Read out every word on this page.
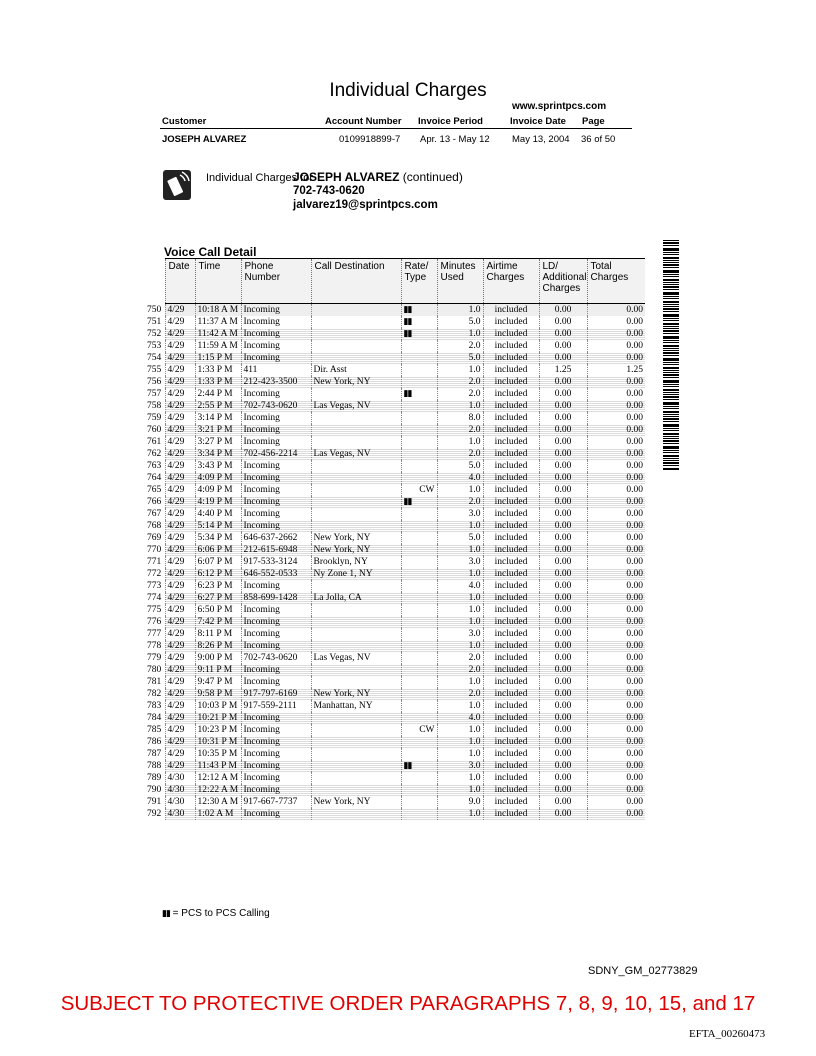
Individual Charges
www.sprintpcs.com
Customer	Account Number Invoice Period	Invoice Date Page
JOSEPH ALVAREZ	0109918899-7 Apr. 13 - May 12 May 13, 2004 36 of 50
Individual Charges for
JOSEPH ALVAREZ (continued)
702-743-0620
jalvarez19@sprintpcs.com
Voice Call Detail
	Date	Time	Phone Number	Call Destination	Rate/ Type	Minutes Used	Airtime Charges	LD/ Additional Charges	Total Charges
750	4/29	10:18 A M	Incoming		▮▮	1.0	included	0.00	0.00
751	4/29	11:37 A M	Incoming		▮▮	5.0	included	0.00	0.00
752	4/29	11:42 A M	Incoming		▮▮	1.0	included	0.00	0.00
753	4/29	11:59 A M	Incoming			2.0	included	0.00	0.00
754	4/29	1:15 P M	Incoming			5.0	included	0.00	0.00
755	4/29	1:33 P M	411	Dir. Asst		1.0	included	1.25	1.25
756	4/29	1:33 P M	212-423-3500	New York, NY		2.0	included	0.00	0.00
757	4/29	2:44 P M	Incoming		▮▮	2.0	included	0.00	0.00
758	4/29	2:55 P M	702-743-0620	Las Vegas, NV		1.0	included	0.00	0.00
759	4/29	3:14 P M	Incoming			8.0	included	0.00	0.00
760	4/29	3:21 P M	Incoming			2.0	included	0.00	0.00
761	4/29	3:27 P M	Incoming			1.0	included	0.00	0.00
762	4/29	3:34 P M	702-456-2214	Las Vegas, NV		2.0	included	0.00	0.00
763	4/29	3:43 P M	Incoming			5.0	included	0.00	0.00
764	4/29	4:09 P M	Incoming			4.0	included	0.00	0.00
765	4/29	4:09 P M	Incoming		CW	1.0	included	0.00	0.00
766	4/29	4:19 P M	Incoming		▮▮	2.0	included	0.00	0.00
767	4/29	4:40 P M	Incoming			3.0	included	0.00	0.00
768	4/29	5:14 P M	Incoming			1.0	included	0.00	0.00
769	4/29	5:34 P M	646-637-2662	New York, NY		5.0	included	0.00	0.00
770	4/29	6:06 P M	212-615-6948	New York, NY		1.0	included	0.00	0.00
771	4/29	6:07 P M	917-533-3124	Brooklyn, NY		3.0	included	0.00	0.00
772	4/29	6:12 P M	646-552-0533	Ny Zone 1, NY		1.0	included	0.00	0.00
773	4/29	6:23 P M	Incoming			4.0	included	0.00	0.00
774	4/29	6:27 P M	858-699-1428	La Jolla, CA		1.0	included	0.00	0.00
775	4/29	6:50 P M	Incoming			1.0	included	0.00	0.00
776	4/29	7:42 P M	Incoming			1.0	included	0.00	0.00
777	4/29	8:11 P M	Incoming			3.0	included	0.00	0.00
778	4/29	8:26 P M	Incoming			1.0	included	0.00	0.00
779	4/29	9:00 P M	702-743-0620	Las Vegas, NV		2.0	included	0.00	0.00
780	4/29	9:11 P M	Incoming			2.0	included	0.00	0.00
781	4/29	9:47 P M	Incoming			1.0	included	0.00	0.00
782	4/29	9:58 P M	917-797-6169	New York, NY		2.0	included	0.00	0.00
783	4/29	10:03 P M	917-559-2111	Manhattan, NY		1.0	included	0.00	0.00
784	4/29	10:21 P M	Incoming			4.0	included	0.00	0.00
785	4/29	10:23 P M	Incoming		CW	1.0	included	0.00	0.00
786	4/29	10:31 P M	Incoming			1.0	included	0.00	0.00
787	4/29	10:35 P M	Incoming			1.0	included	0.00	0.00
788	4/29	11:43 P M	Incoming		▮▮	3.0	included	0.00	0.00
789	4/30	12:12 A M	Incoming			1.0	included	0.00	0.00
790	4/30	12:22 A M	Incoming			1.0	included	0.00	0.00
791	4/30	12:30 A M	917-667-7737	New York, NY		9.0	included	0.00	0.00
792	4/30	1:02 A M	Incoming			1.0	included	0.00	0.00
▮▮ = PCS to PCS Calling
SDNY_GM_02773829
SUBJECT TO PROTECTIVE ORDER PARAGRAPHS 7, 8, 9, 10, 15, and 17
EFTA_00260473
